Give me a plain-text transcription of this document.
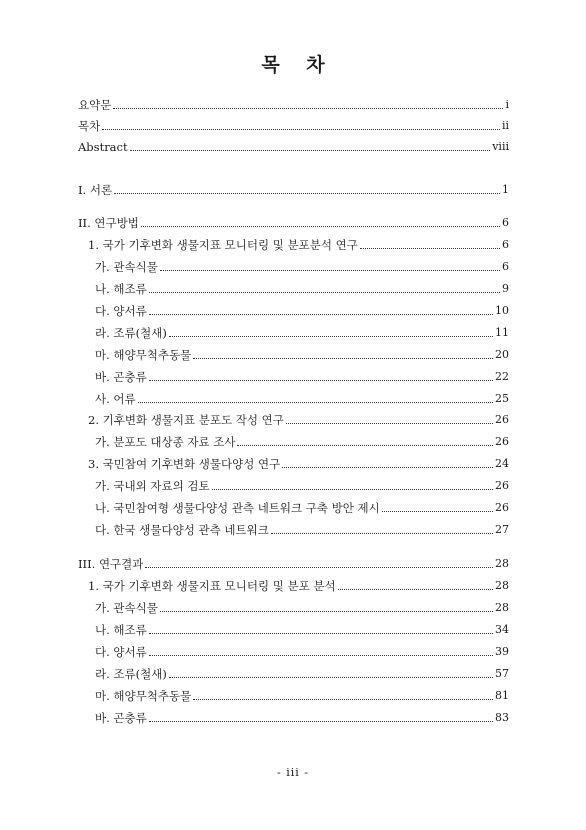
목 차
요약문	i
목차	ii
Abstract	viii
I. 서론	1
II. 연구방법	6
1. 국가 기후변화 생물지표 모니터링 및 분포분석 연구	6
가. 관속식물	6
나. 해조류	9
다. 양서류	10
라. 조류(철새)	11
마. 해양무척추동물	20
바. 곤충류	22
사. 어류	25
2. 기후변화 생물지표 분포도 작성 연구	26
가. 분포도 대상종 자료 조사	26
3. 국민참여 기후변화 생물다양성 연구	24
가. 국내외 자료의 검토	26
나. 국민참여형 생물다양성 관측 네트워크 구축 방안 제시	26
다. 한국 생물다양성 관측 네트워크	27
III. 연구결과	28
1. 국가 기후변화 생물지표 모니터링 및 분포 분석	28
가. 관속식물	28
나. 해조류	34
다. 양서류	39
라. 조류(철새)	57
마. 해양무척추동물	81
바. 곤충류	83
- iii -
